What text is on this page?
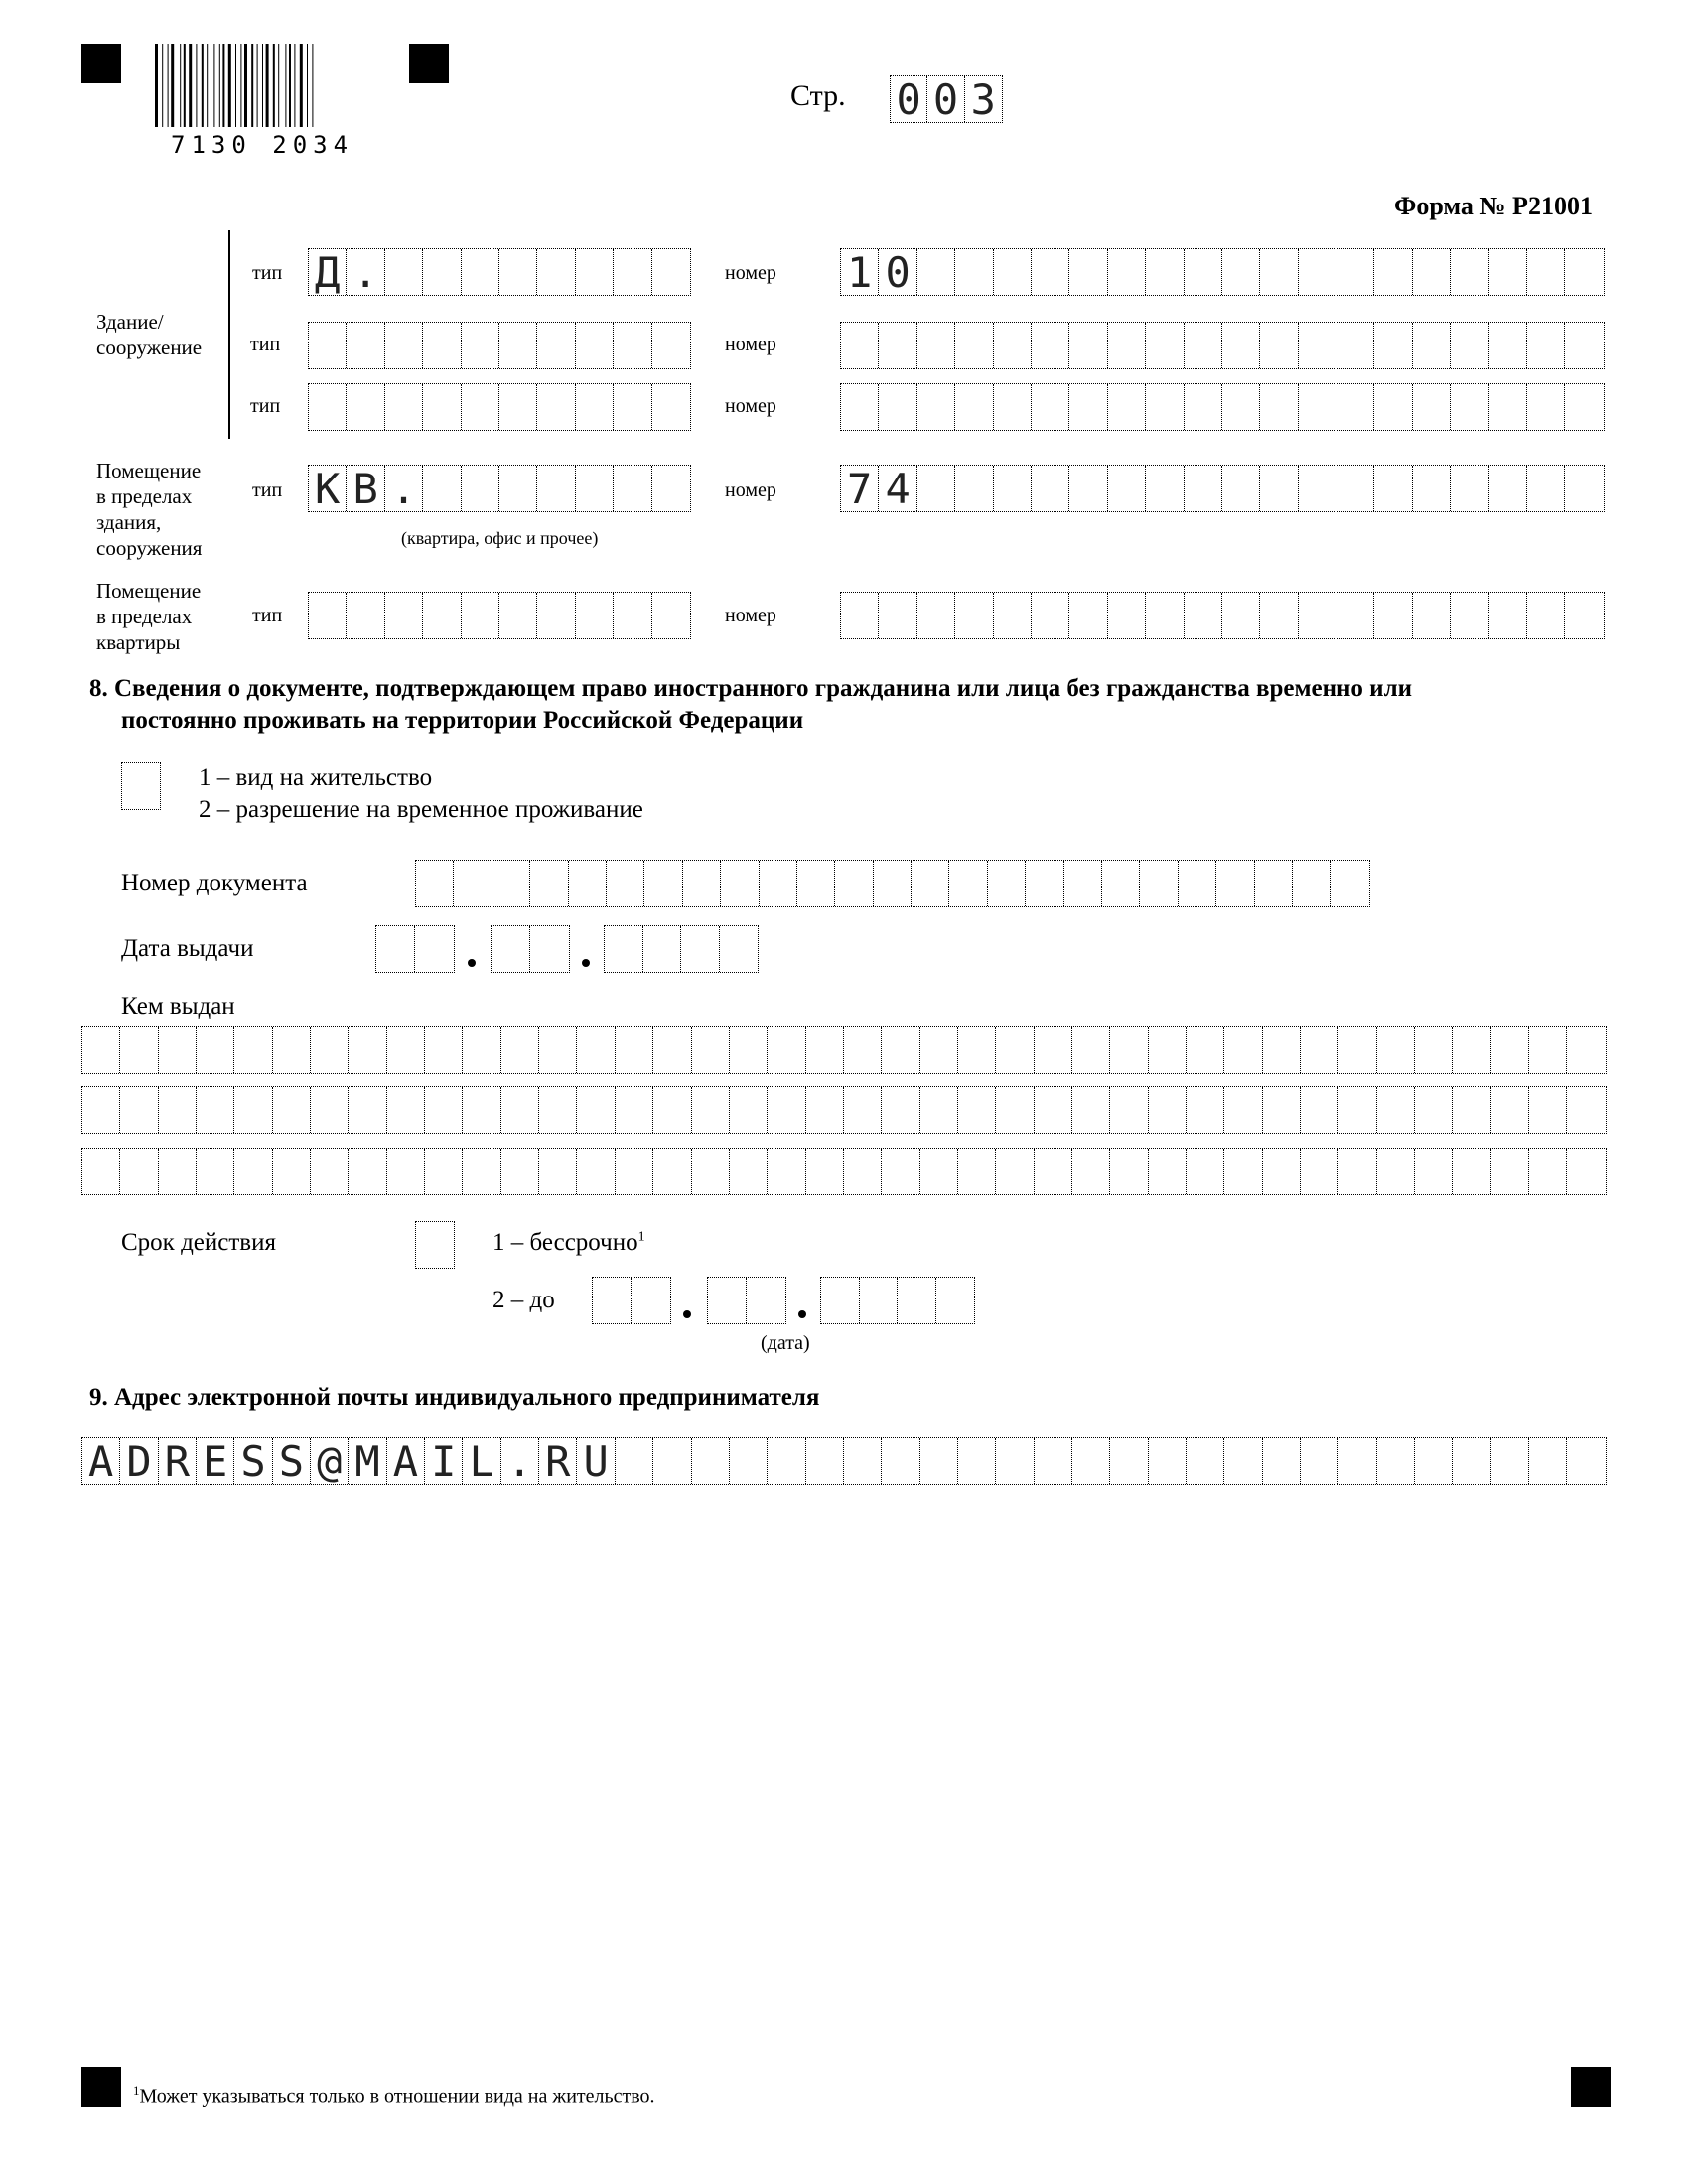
7130 2034
Стр. 0 0 3
Форма № Р21001
Здание/
сооружение
тип Д .	номер 1 0
тип	номер
тип	номер
Помещение
в пределах
здания,
сооружения
тип К В .	номер 7 4
(квартира, офис и прочее)
Помещение
в пределах
квартиры
тип	номер
8. Сведения о документе, подтверждающем право иностранного гражданина или лица без гражданства временно или
постоянно проживать на территории Российской Федерации
1 – вид на жительство
2 – разрешение на временное проживание
Номер документа
Дата выдачи
Кем выдан
Срок действия	1 – бессрочно$^1$
2 – до
(дата)
9. Адрес электронной почты индивидуального предпринимателя
A D R E S S @ M A I L . R U
$^1$Может указываться только в отношении вида на жительство.
